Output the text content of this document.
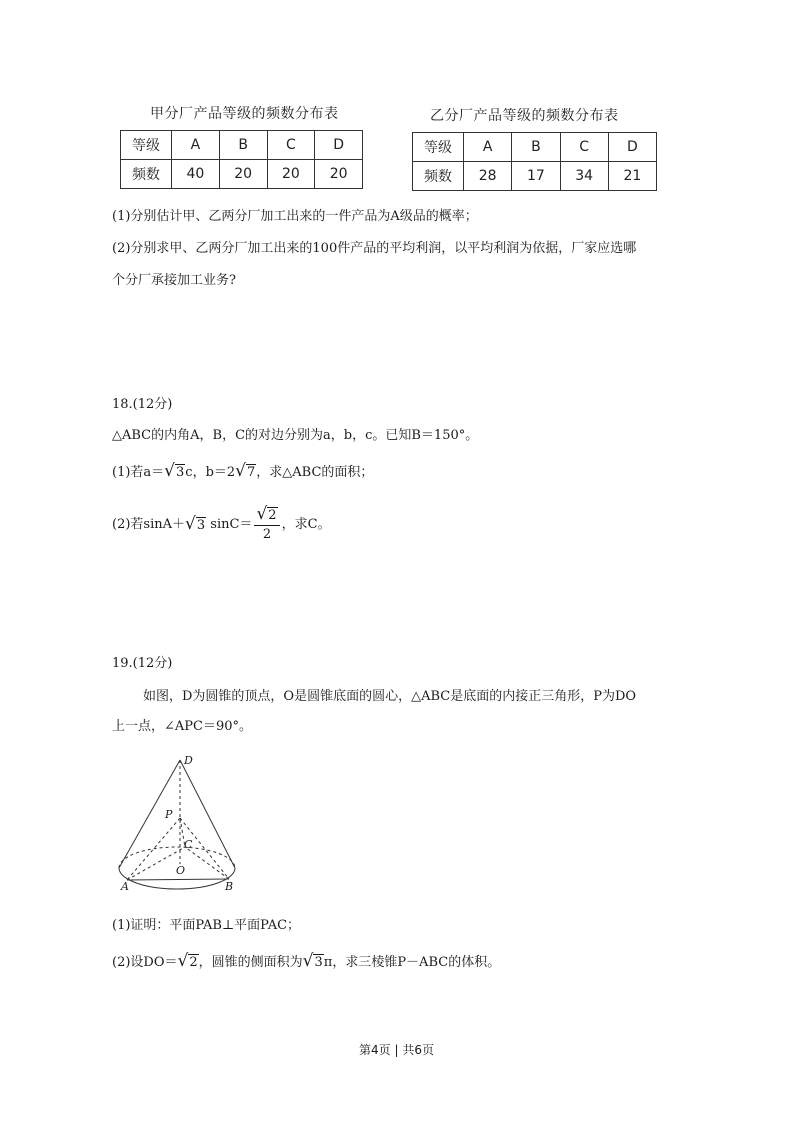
甲分厂产品等级的频数分布表	乙分厂产品等级的频数分布表
等级	A	B	C	D
频数	40	20	20	20
等级	A	B	C	D
频数	28	17	34	21
(1)分别估计甲、乙两分厂加工出来的一件产品为A级品的概率；
(2)分别求甲、乙两分厂加工出来的100件产品的平均利润，以平均利润为依据，厂家应选哪
个分厂承接加工业务?
18.(12分)
△ABC的内角A，B，C的对边分别为a，b，c。已知B＝150°。
(1)若a＝√3c，b＝2√7，求△ABC的面积；
(2)若sinA＋ √3
$\sin C= \frac{√2}{2}$ ，求C。
19.(12分)
如图，D为圆锥的顶点，O是圆锥底面的圆心，△ABC是底面的内接正三角形，P为DO
上一点，∠APC＝90°。
D
P
C
O
A	B
(1)证明：平面PAB⊥平面PAC；
(2)设DO＝√2，圆锥的侧面积为√3π，求三棱锥P－ABC的体积。
第4页 | 共6页
